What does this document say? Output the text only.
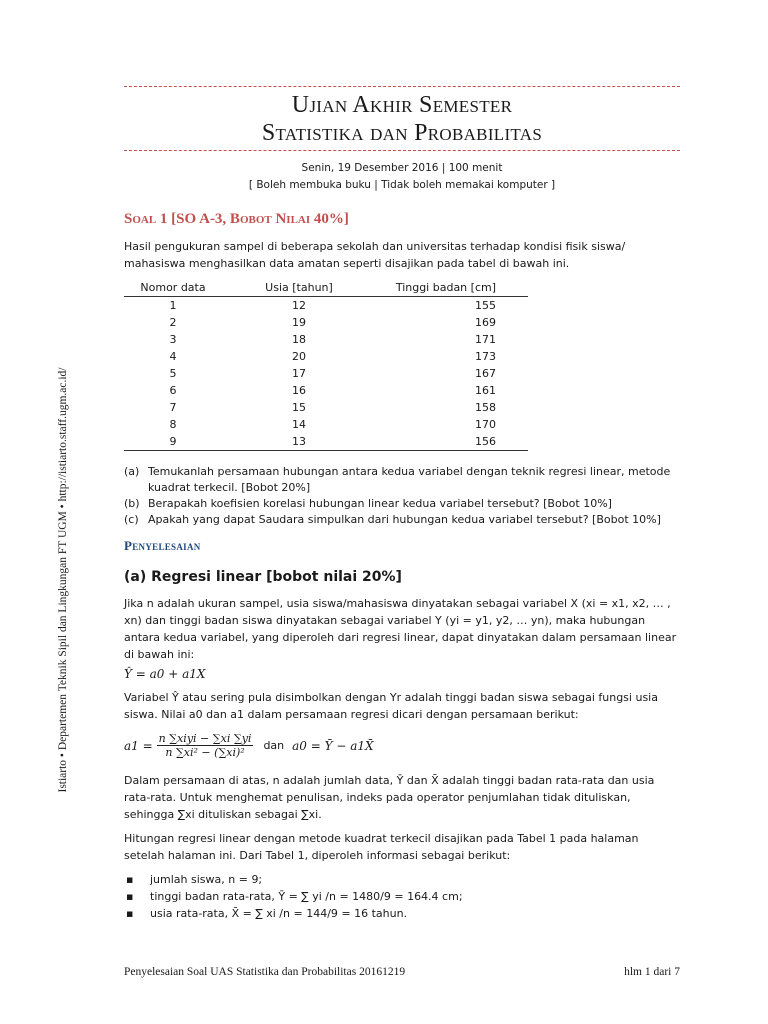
Ujian Akhir Semester
Statistika dan Probabilitas
Senin, 19 Desember 2016 | 100 menit
[ Boleh membuka buku | Tidak boleh memakai komputer ]
Soal 1 [SO A-3, Bobot Nilai 40%]
Hasil pengukuran sampel di beberapa sekolah dan universitas terhadap kondisi fisik siswa/ mahasiswa menghasilkan data amatan seperti disajikan pada tabel di bawah ini.
Nomor data	Usia [tahun]	Tinggi badan [cm]
1	12	155
2	19	169
3	18	171
4	20	173
5	17	167
6	16	161
7	15	158
8	14	170
9	13	156
(a) Temukanlah persamaan hubungan antara kedua variabel dengan teknik regresi linear, metode kuadrat terkecil. [Bobot 20%]
(b) Berapakah koefisien korelasi hubungan linear kedua variabel tersebut? [Bobot 10%]
(c) Apakah yang dapat Saudara simpulkan dari hubungan kedua variabel tersebut? [Bobot 10%]
Penyelesaian
(a) Regresi linear [bobot nilai 20%]
Jika n adalah ukuran sampel, usia siswa/mahasiswa dinyatakan sebagai variabel X (xi = x1, x2, … , xn) dan tinggi badan siswa dinyatakan sebagai variabel Y (yi = y1, y2, … yn), maka hubungan antara kedua variabel, yang diperoleh dari regresi linear, dapat dinyatakan dalam persamaan linear di bawah ini:
Ŷ = a0 + a1X
Variabel Ŷ atau sering pula disimbolkan dengan Yr adalah tinggi badan siswa sebagai fungsi usia siswa. Nilai a0 dan a1 dalam persamaan regresi dicari dengan persamaan berikut:
$a1 = \frac{\text{n ∑xiyi − ∑xi ∑yi}}{\text{n ∑xi² − (∑xi)²}}$ dan a0 = Ȳ − a1X̄
Dalam persamaan di atas, n adalah jumlah data, Ȳ dan X̄ adalah tinggi badan rata-rata dan usia rata-rata. Untuk menghemat penulisan, indeks pada operator penjumlahan tidak dituliskan, sehingga ∑xi dituliskan sebagai ∑xi.
Hitungan regresi linear dengan metode kuadrat terkecil disajikan pada Tabel 1 pada halaman setelah halaman ini. Dari Tabel 1, diperoleh informasi sebagai berikut:
▪ jumlah siswa, n = 9;
▪ tinggi badan rata-rata, Ȳ = ∑ yi /n = 1480/9 = 164.4 cm;
▪ usia rata-rata, X̄ = ∑ xi /n = 144/9 = 16 tahun.
Istiarto • Departemen Teknik Sipil dan Lingkungan FT UGM • http://istiarto.staff.ugm.ac.id/
Penyelesaian Soal UAS Statistika dan Probabilitas 20161219	hlm 1 dari 7
